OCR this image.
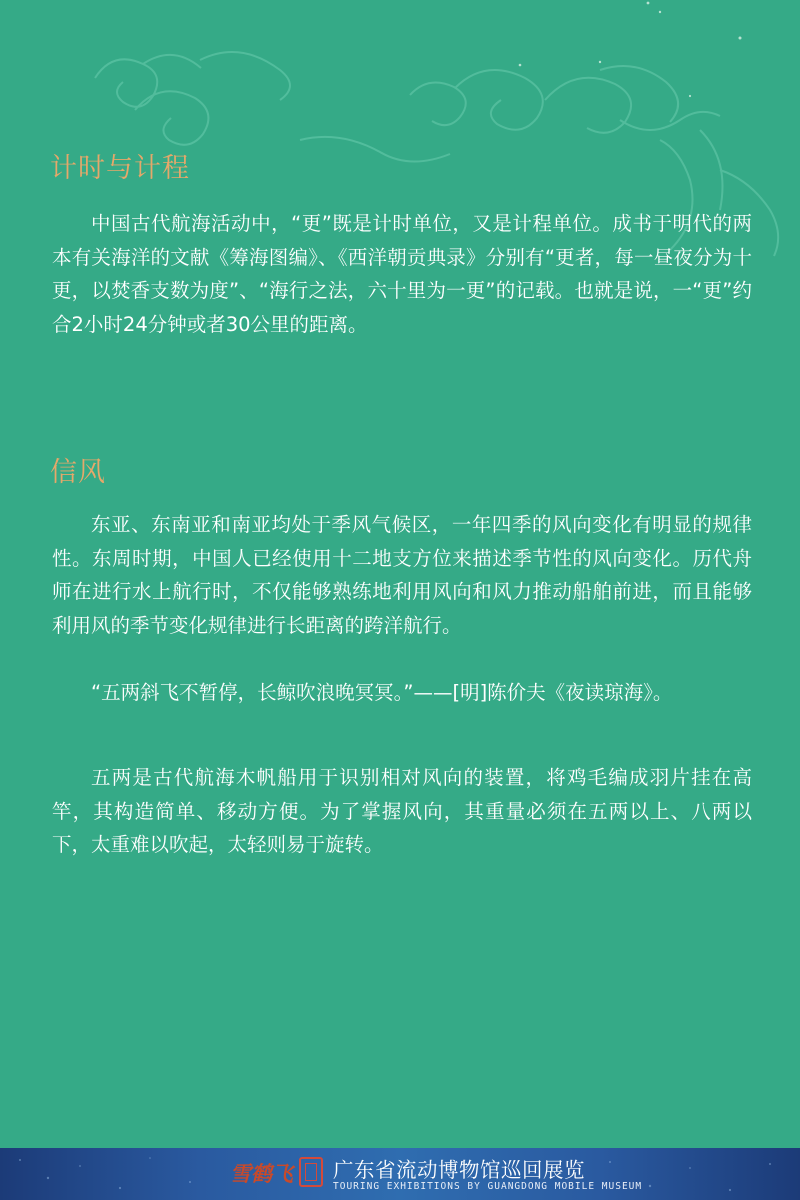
计时与计程

中国古代航海活动中，“更”既是计时单位，又是计程单位。成书于明代的两本有关海洋的文献《筹海图编》、《西洋朝贡典录》分别有“更者，每一昼夜分为十更，以焚香支数为度”、“海行之法，六十里为一更”的记载。也就是说，一“更”约合2小时24分钟或者30公里的距离。

信风

东亚、东南亚和南亚均处于季风气候区，一年四季的风向变化有明显的规律性。东周时期，中国人已经使用十二地支方位来描述季节性的风向变化。历代舟师在进行水上航行时，不仅能够熟练地利用风向和风力推动船舶前进，而且能够利用风的季节变化规律进行长距离的跨洋航行。

“五两斜飞不暂停，长鲸吹浪晚冥冥。”——[明]陈价夫《夜读琼海》。

五两是古代航海木帆船用于识别相对风向的装置，将鸡毛编成羽片挂在高竿，其构造简单、移动方便。为了掌握风向，其重量必须在五两以上、八两以下，太重难以吹起，太轻则易于旋转。

雪鹤飞 广东省流动博物馆巡回展览
TOURING EXHIBITIONS BY GUANGDONG MOBILE MUSEUM
